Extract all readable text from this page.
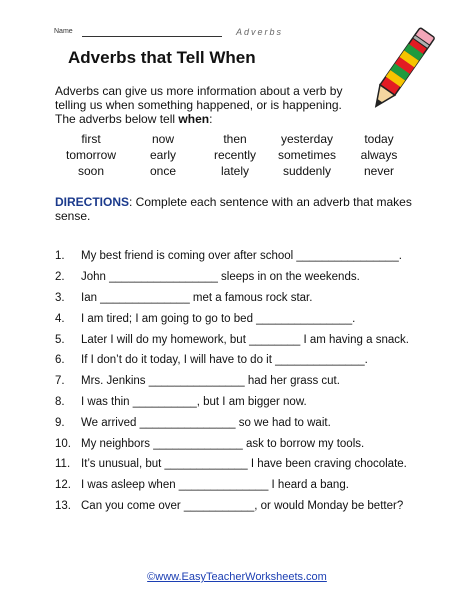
Name	Adverbs
Adverbs that Tell When
Adverbs can give us more information about a verb by telling us when something happened, or is happening. The adverbs below tell when:
first	now	then	yesterday	today
tomorrow	early	recently	sometimes	always
soon	once	lately	suddenly	never
DIRECTIONS: Complete each sentence with an adverb that makes sense.
1.	My best friend is coming over after school ________________.
2.	John _________________ sleeps in on the weekends.
3.	Ian ______________ met a famous rock star.
4.	I am tired; I am going to go to bed _______________.
5.	Later I will do my homework, but ________ I am having a snack.
6.	If I don’t do it today, I will have to do it ______________.
7.	Mrs. Jenkins _______________ had her grass cut.
8.	I was thin __________, but I am bigger now.
9.	We arrived _______________ so we had to wait.
10. My neighbors ______________ ask to borrow my tools.
11. It’s unusual, but _____________ I have been craving chocolate.
12. I was asleep when ______________ I heard a bang.
13. Can you come over ___________, or would Monday be better?
©www.EasyTeacherWorksheets.com
